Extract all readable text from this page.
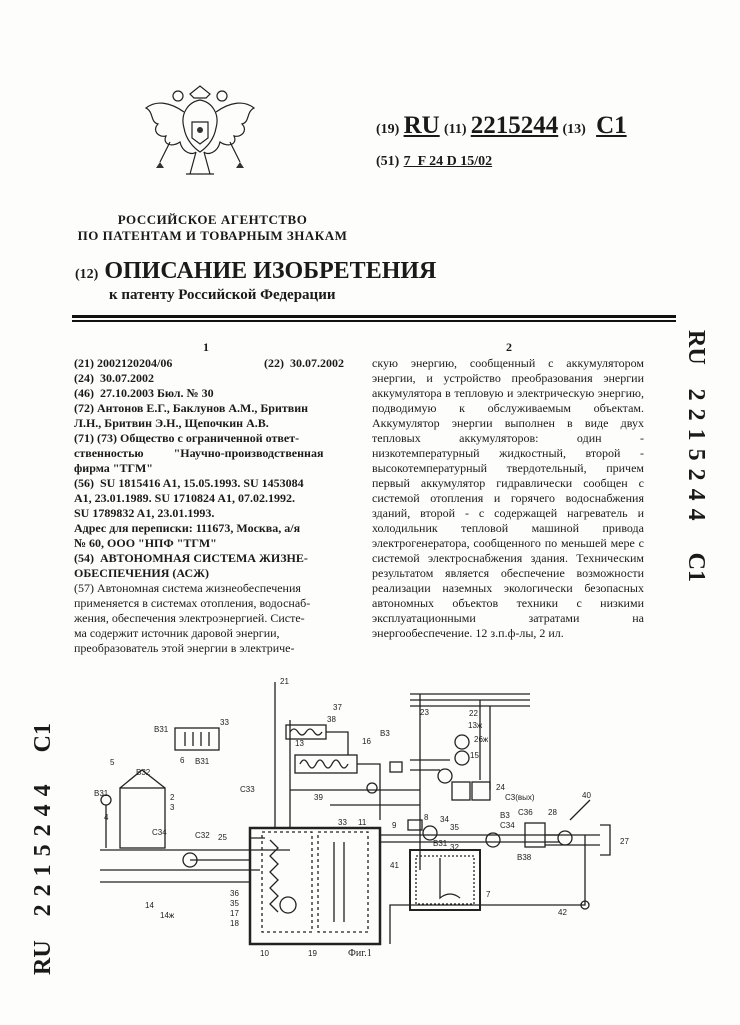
(19) RU (11) 2215244 (13) C1
(51) 7  F 24 D 15/02
РОССИЙСКОЕ АГЕНТСТВО
ПО ПАТЕНТАМ И ТОВАРНЫМ ЗНАКАМ
(12) ОПИСАНИЕ ИЗОБРЕТЕНИЯ
к патенту Российской Федерации
1	2

(21) 2002120204/06	(22)  30.07.2002

(24)  30.07.2002

(46)  27.10.2003 Бюл. № 30

(72) Антонов Е.Г., Баклунов А.М., Бритвин

Л.Н., Бритвин Э.Н., Щепочкин А.В.

(71) (73) Общество с ограниченной ответ-

ственностью          "Научно-производственная

фирма "ТГМ"

(56)  SU 1815416 A1, 15.05.1993. SU 1453084

A1, 23.01.1989. SU 1710824 A1, 07.02.1992.

SU 1789832 A1, 23.01.1993.

Адрес для переписки: 111673, Москва, а/я

№ 60, ООО "НПФ "ТГМ"

(54)  АВТОНОМНАЯ СИСТЕМА ЖИЗНЕ-

ОБЕСПЕЧЕНИЯ (АСЖ)

(57) Автономная система жизнеобеспечения

применяется в системах отопления, водоснаб-

жения, обеспечения электроэнергией. Систе-

ма содержит источник даровой энергии,

преобразователь этой энергии в электриче-

скую энергию, сообщенный с аккумулятором энергии, и устройство преобразования энергии аккумулятора в тепловую и электрическую энергию, подводимую к обслуживаемым объектам. Аккумулятор энергии выполнен в виде двух тепловых аккумуляторов: один - низкотемпературный жидкостный, второй - высокотемпературный твердотельный, причем первый аккумулятор гидравлически сообщен с системой отопления и горячего водоснабжения зданий, второй - с содержащей нагреватель и холодильник тепловой машиной привода электрогенератора, сообщенного по меньшей мере с системой электроснабжения здания. Техническим результатом является обеспечение возможности реализации наземных экологически безопасных автономных объектов техники с низкими эксплуатационными затратами на энергообеспечение. 12 з.п.ф-лы, 2 ил.

RU 2215244 C1
RU 2215244 C1	В31
33
6 В31
5
В32
В31	2
3
4
С34	С32 25
14
14ж
21
37
38
13	16
В3
23	22
13ж
26ж
15
24
С3(вых)
С33
39
33 11	9
8 34
35
В31 32
В3
С34
С36 28
40
В38
7
42
27
41
36
35
17
18
10	19	Фиг.1
